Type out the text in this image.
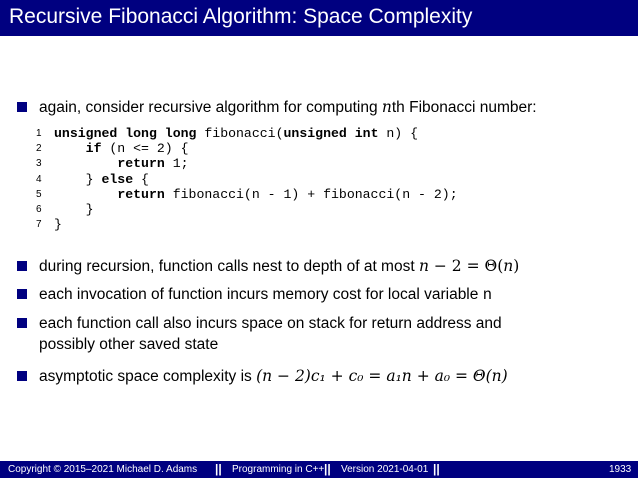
Recursive Fibonacci Algorithm: Space Complexity
again, consider recursive algorithm for computing nth Fibonacci number:
1 unsigned long long fibonacci(unsigned int n) {
2	if (n <= 2) {
3	return 1;
4    } else {
5	return fibonacci(n - 1) + fibonacci(n - 2);
6    }
7 }
during recursion, function calls nest to depth of at most n − 2 = Θ(n)
each invocation of function incurs memory cost for local variable n
each function call also incurs space on stack for return address and
possibly other saved state
asymptotic space complexity is (n − 2)c₁ + c₀ = a₁n + a₀ = Θ(n)
Copyright © 2015–2021 Michael D. Adams || Programming in C++ || Version 2021-04-01 ||	1933
